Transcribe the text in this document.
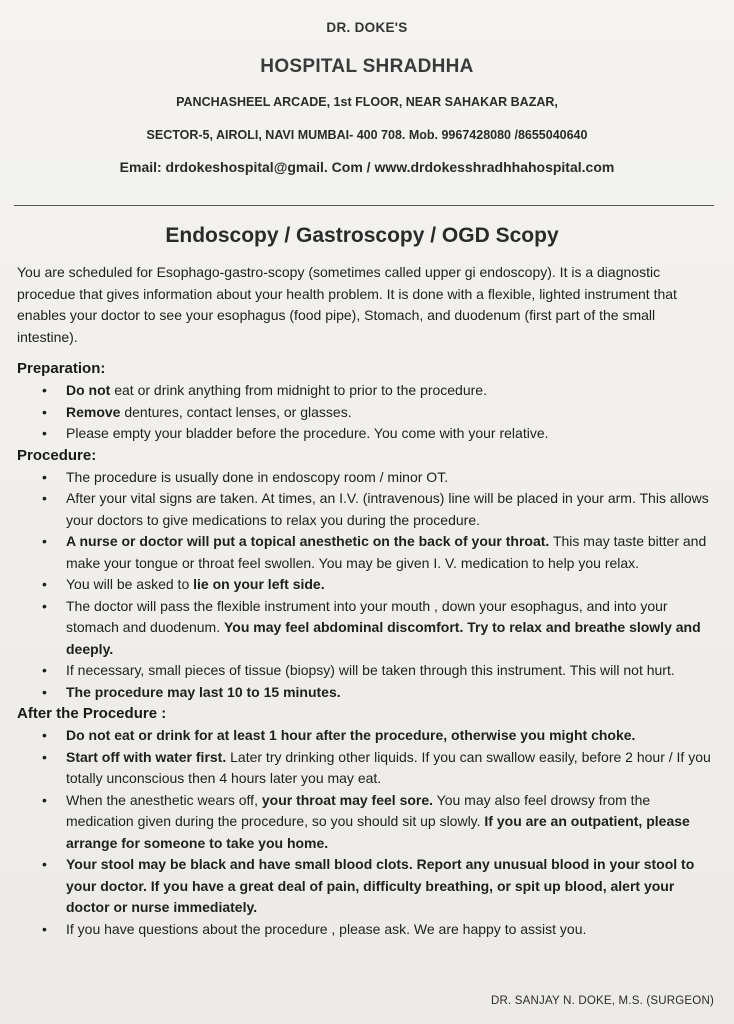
DR. DOKE'S
HOSPITAL SHRADHHA
PANCHASHEEL ARCADE, 1st FLOOR, NEAR SAHAKAR BAZAR,
SECTOR-5, AIROLI, NAVI MUMBAI- 400 708. Mob. 9967428080 /8655040640
Email: drdokeshospital@gmail. Com / www.drdokesshradhhahospital.com
Endoscopy / Gastroscopy / OGD Scopy

You are scheduled for Esophago-gastro-scopy (sometimes called upper gi endoscopy). It is a diagnostic procedue that gives information about your health problem. It is done with a flexible, lighted instrument that enables your doctor to see your esophagus (food pipe), Stomach, and duodenum (first part of the small intestine).

Preparation:
• Do not eat or drink anything from midnight to prior to the procedure.
• Remove dentures, contact lenses, or glasses.
• Please empty your bladder before the procedure. You come with your relative.
Procedure:
• The procedure is usually done in endoscopy room / minor OT.
• After your vital signs are taken. At times, an I.V. (intravenous) line will be placed in your arm. This allows your doctors to give medications to relax you during the procedure.
• A nurse or doctor will put a topical anesthetic on the back of your throat. This may taste bitter and make your tongue or throat feel swollen. You may be given I. V. medication to help you relax.
• You will be asked to lie on your left side.
• The doctor will pass the flexible instrument into your mouth , down your esophagus, and into your stomach and duodenum. You may feel abdominal discomfort. Try to relax and breathe slowly and deeply.
• If necessary, small pieces of tissue (biopsy) will be taken through this instrument. This will not hurt.
• The procedure may last 10 to 15 minutes.
After the Procedure :
• Do not eat or drink for at least 1 hour after the procedure, otherwise you might choke.
• Start off with water first. Later try drinking other liquids. If you can swallow easily, before 2 hour / If you totally unconscious then 4 hours later you may eat.
• When the anesthetic wears off, your throat may feel sore. You may also feel drowsy from the medication given during the procedure, so you should sit up slowly. If you are an outpatient, please arrange for someone to take you home.
• Your stool may be black and have small blood clots. Report any unusual blood in your stool to your doctor. If you have a great deal of pain, difficulty breathing, or spit up blood, alert your doctor or nurse immediately.
• If you have questions about the procedure , please ask. We are happy to assist you.
DR. SANJAY N. DOKE, M.S. (SURGEON)
